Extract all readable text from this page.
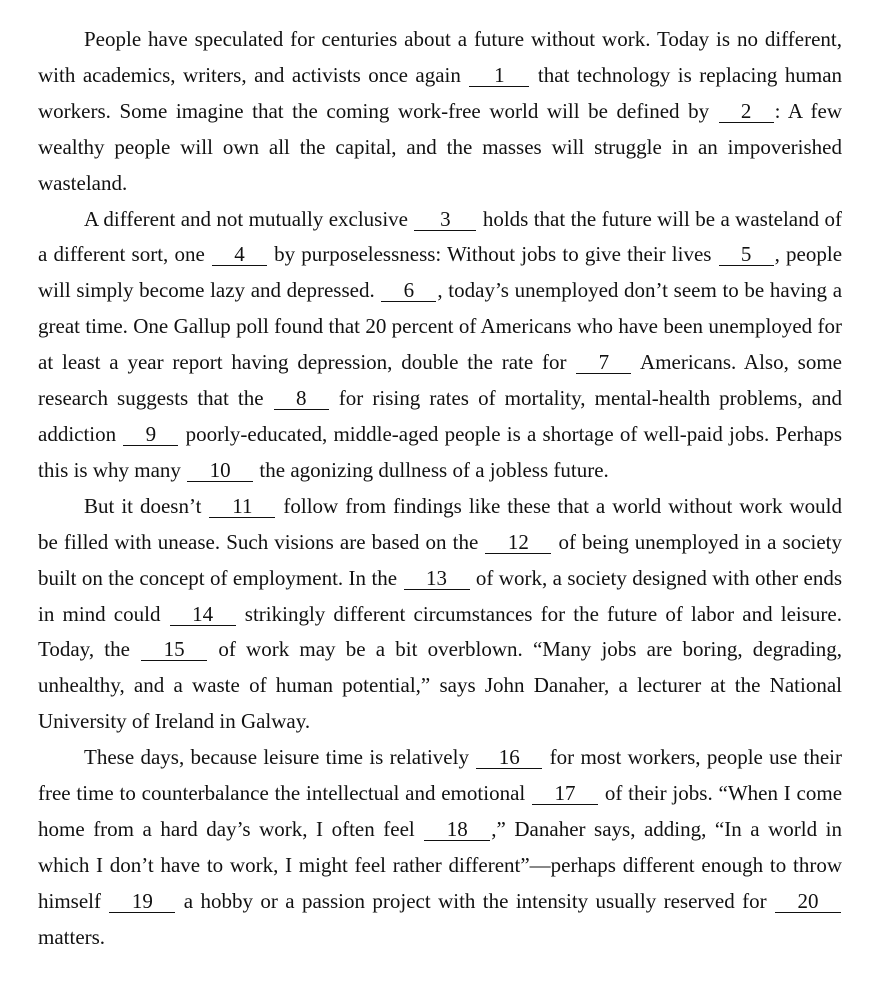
People have speculated for centuries about a future without work. Today is no different, with academics, writers, and activists once again 1 that technology is replacing human workers. Some imagine that the coming work-free world will be defined by 2 : A few wealthy people will own all the capital, and the masses will struggle in an impoverished wasteland.

A different and not mutually exclusive 3 holds that the future will be a wasteland of a different sort, one 4 by purposelessness: Without jobs to give their lives 5 , people will simply become lazy and depressed. 6 , today’s unemployed don’t seem to be having a great time. One Gallup poll found that 20 percent of Americans who have been unemployed for at least a year report having depression, double the rate for 7 Americans. Also, some research suggests that the 8 for rising rates of mortality, mental-health problems, and addiction 9 poorly-educated, middle-aged people is a shortage of well-paid jobs. Perhaps this is why many 10 the agonizing dullness of a jobless future.

But it doesn’t 11 follow from findings like these that a world without work would be filled with unease. Such visions are based on the 12 of being unemployed in a society built on the concept of employment. In the 13 of work, a society designed with other ends in mind could 14 strikingly different circumstances for the future of labor and leisure. Today, the 15 of work may be a bit overblown. “Many jobs are boring, degrading, unhealthy, and a waste of human potential,” says John Danaher, a lecturer at the National University of Ireland in Galway.

These days, because leisure time is relatively 16 for most workers, people use their free time to counterbalance the intellectual and emotional 17 of their jobs. “When I come home from a hard day’s work, I often feel 18 ,” Danaher says, adding, “In a world in which I don’t have to work, I might feel rather different”—perhaps different enough to throw himself 19 a hobby or a passion project with the intensity usually reserved for 20 matters.
